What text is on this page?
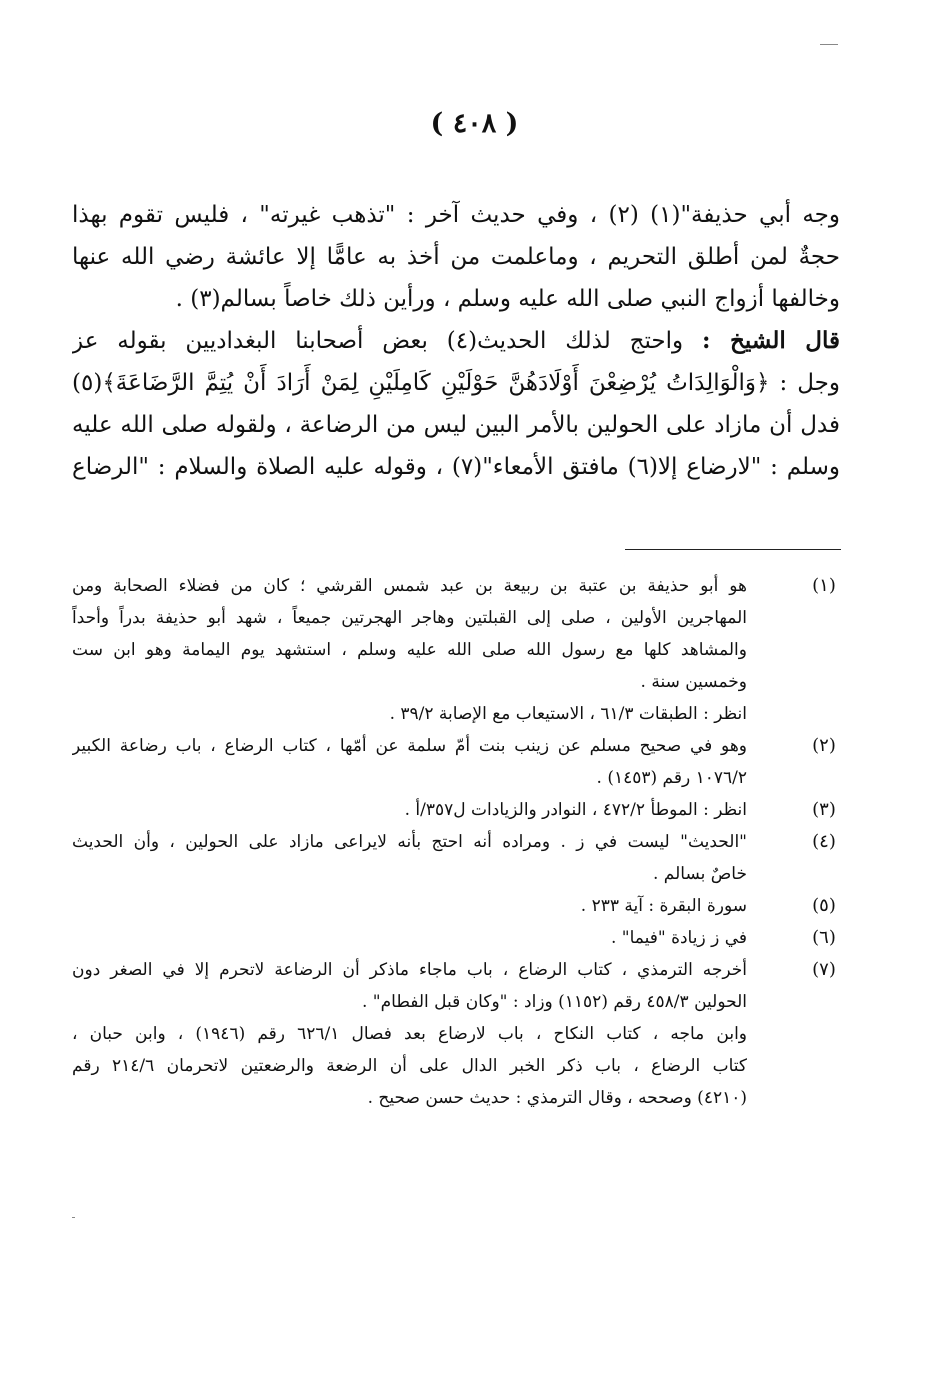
( ٤٠٨ )
وجه أبي حذيفة"(١) (٢) ، وفي حديث آخر : "تذهب غيرته" ، فليس تقوم بهذا
حجةٌ لمن أطلق التحريم ، وماعلمت من أخذ به عامًّا إلا عائشة رضي الله عنها
وخالفها أزواج النبي صلى الله عليه وسلم ، ورأين ذلك خاصاً بسالم(٣) .
قال الشيخ : واحتج لذلك الحديث(٤) بعض أصحابنا البغداديين بقوله عز
وجل : ﴿وَالْوَالِدَاتُ يُرْضِعْنَ أَوْلَادَهُنَّ حَوْلَيْنِ كَامِلَيْنِ لِمَنْ أَرَادَ أَنْ يُتِمَّ الرَّضَاعَةَ﴾(٥)
فدل أن مازاد على الحولين بالأمر البين ليس من الرضاعة ، ولقوله صلى الله عليه
وسلم : "لارضاع إلا(٦) مافتق الأمعاء"(٧) ، وقوله عليه الصلاة والسلام : "الرضاع
(١)
هو أبو حذيفة بن عتبة بن ربيعة بن عبد شمس القرشي ؛ كان من فضلاء الصحابة ومن
المهاجرين الأولين ، صلى إلى القبلتين وهاجر الهجرتين جميعاً ، شهد أبو حذيفة بدراً وأحداً
والمشاهد كلها مع رسول الله صلى الله عليه وسلم ، استشهد يوم اليمامة وهو ابن ست
وخمسين سنة .
انظر : الطبقات ٦١/٣ ، الاستيعاب مع الإصابة ٣٩/٢ .
(٢)
وهو في صحيح مسلم عن زينب بنت أمّ سلمة عن أمّها ، كتاب الرضاع ، باب رضاعة الكبير
١٠٧٦/٢ رقم (١٤٥٣) .
(٣)
انظر : الموطأ ٤٧٢/٢ ، النوادر والزيادات ل٣٥٧/أ .
(٤)
"الحديث" ليست في ز . ومراده أنه احتج بأنه لايراعى مازاد على الحولين ، وأن الحديث
خاصٌ بسالم .
(٥)
سورة البقرة : آية ٢٣٣ .
(٦)
في ز زيادة "فيما" .
(٧)
أخرجه الترمذي ، كتاب الرضاع ، باب ماجاء ماذكر أن الرضاعة لاتحرم إلا في الصغر دون
الحولين ٤٥٨/٣ رقم (١١٥٢) وزاد : "وكان قبل الفطام" .
وابن ماجه ، كتاب النكاح ، باب لارضاع بعد فصال ٦٢٦/١ رقم (١٩٤٦) ، وابن حبان ،
كتاب الرضاع ، باب ذكر الخبر الدال على أن الرضعة والرضعتين لاتحرمان ٢١٤/٦ رقم
(٤٢١٠) وصححه ، وقال الترمذي : حديث حسن صحيح .
